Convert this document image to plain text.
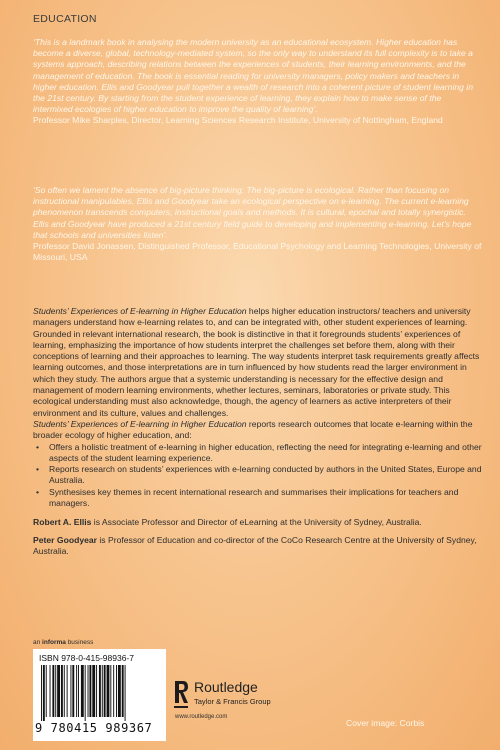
EDUCATION
‘This is a landmark book in analysing the modern university as an educational ecosystem. Higher education has become a diverse, global, technology-mediated system, so the only way to understand its full complexity is to take a systems approach, describing relations between the experiences of students, their learning environments, and the management of education. The book is essential reading for university managers, policy makers and teachers in higher education. Ellis and Goodyear pull together a wealth of research into a coherent picture of student learning in the 21st century. By starting from the student experience of learning, they explain how to make sense of the intermixed ecologies of higher education to improve the quality of learning’.
Professor Mike Sharples, Director, Learning Sciences Research Institute, University of Nottingham, England
‘So often we lament the absence of big-picture thinking. The big-picture is ecological. Rather than focusing on instructional manipulables, Ellis and Goodyear take an ecological perspective on e-learning. The current e-learning phenomenon transcends computers, instructional goals and methods. It is cultural, epochal and totally synergistic. Ellis and Goodyear have produced a 21st century field guide to developing and implementing e-learning. Let’s hope that schools and universities listen’.
Professor David Jonassen, Distinguished Professor, Educational Psychology and Learning Technologies, University of Missouri, USA

Students’ Experiences of E-learning in Higher Education helps higher education instructors/ teachers and university managers understand how e-learning relates to, and can be integrated with, other student experiences of learning. Grounded in relevant international research, the book is distinctive in that it foregrounds students’ experiences of learning, emphasizing the importance of how students interpret the challenges set before them, along with their conceptions of learning and their approaches to learning. The way students interpret task requirements greatly affects learning outcomes, and those interpretations are in turn influenced by how students read the larger environment in which they study. The authors argue that a systemic understanding is necessary for the effective design and management of modern learning environments, whether lectures, seminars, laboratories or private study. This ecological understanding must also acknowledge, though, the agency of learners as active interpreters of their environment and its culture, values and challenges.

Students’ Experiences of E-learning in Higher Education reports research outcomes that locate e-learning within the broader ecology of higher education, and:

• Offers a holistic treatment of e-learning in higher education, reflecting the need for integrating e-learning and other aspects of the student learning experience.
• Reports research on students’ experiences with e-learning conducted by authors in the United States, Europe and Australia.
• Synthesises key themes in recent international research and summarises their implications for teachers and managers.

Robert A. Ellis is Associate Professor and Director of eLearning at the University of Sydney, Australia.

Peter Goodyear is Professor of Education and co-director of the CoCo Research Centre at the University of Sydney, Australia.

an informa business
ISBN 978-0-415-98936-7
9 780415 989367
Routledge
Taylor & Francis Group
www.routledge.com
Cover image: Corbis
